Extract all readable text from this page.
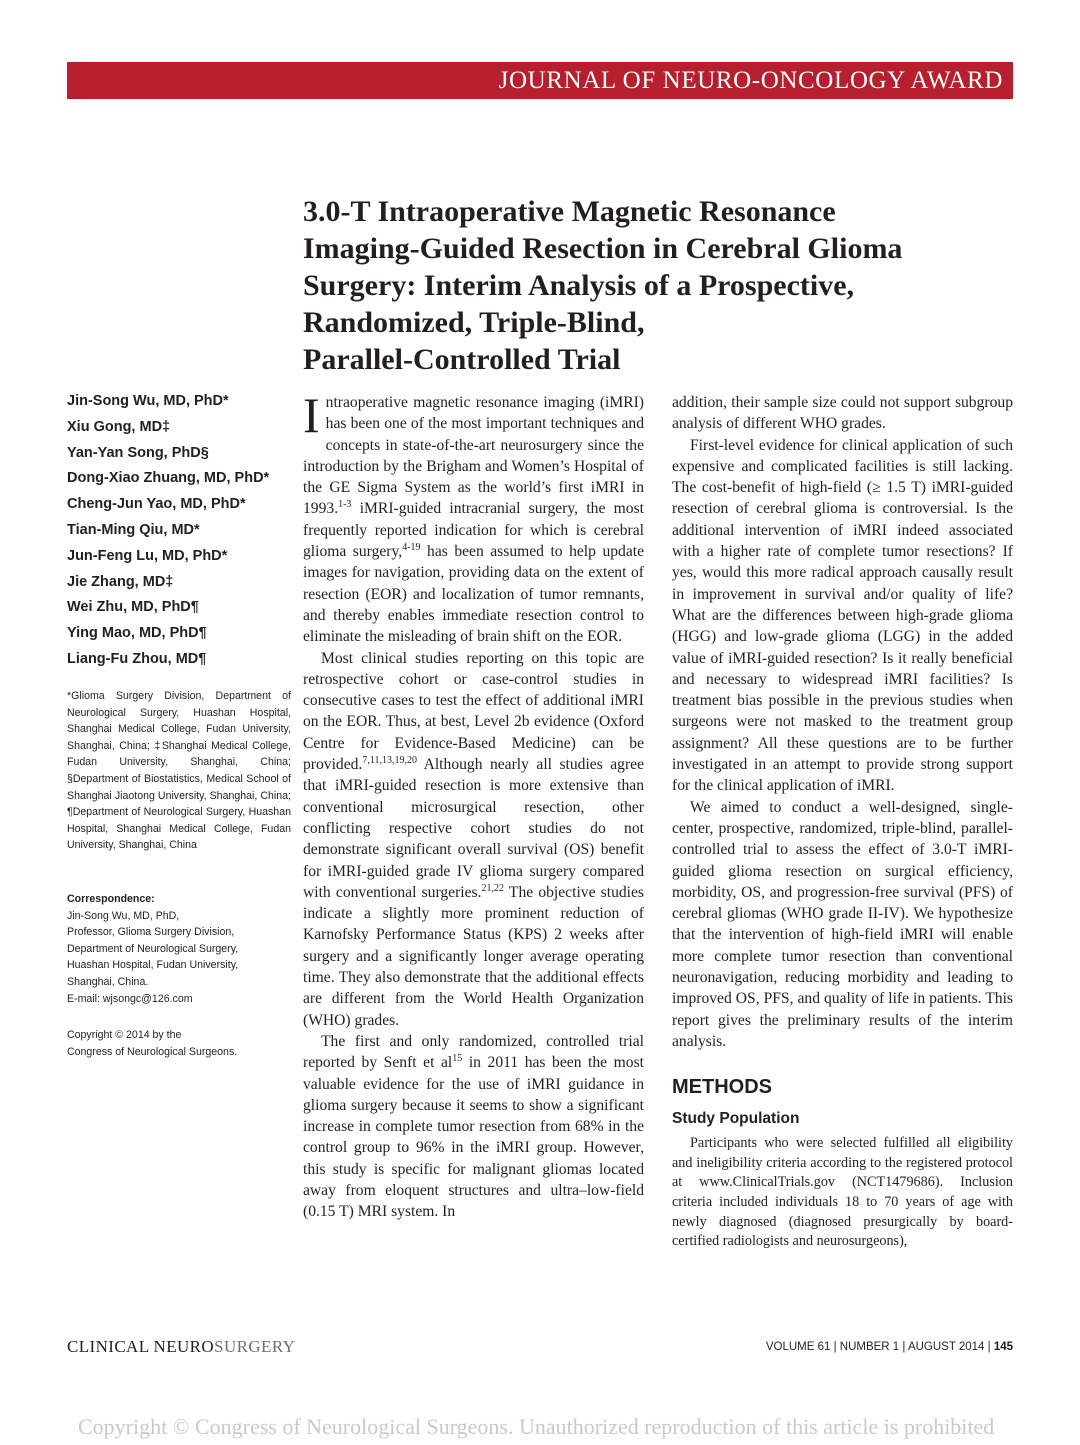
JOURNAL OF NEURO-ONCOLOGY AWARD
3.0-T Intraoperative Magnetic Resonance
Imaging-Guided Resection in Cerebral Glioma
Surgery: Interim Analysis of a Prospective,
Randomized, Triple-Blind,
Parallel-Controlled Trial
Jin-Song Wu, MD, PhD*
Xiu Gong, MD‡
Yan-Yan Song, PhD§
Dong-Xiao Zhuang, MD, PhD*
Cheng-Jun Yao, MD, PhD*
Tian-Ming Qiu, MD*
Jun-Feng Lu, MD, PhD*
Jie Zhang, MD‡
Wei Zhu, MD, PhD¶
Ying Mao, MD, PhD¶
Liang-Fu Zhou, MD¶
*Glioma Surgery Division, Department of Neurological Surgery, Huashan Hospital, Shanghai Medical College, Fudan University, Shanghai, China; ‡Shanghai Medical College, Fudan University, Shanghai, China; §Department of Biostatistics, Medical School of Shanghai Jiaotong University, Shanghai, China; ¶Department of Neurological Surgery, Huashan Hospital, Shanghai Medical College, Fudan University, Shanghai, China
Correspondence:
Jin-Song Wu, MD, PhD,
Professor, Glioma Surgery Division,
Department of Neurological Surgery,
Huashan Hospital, Fudan University,
Shanghai, China.
E-mail: wjsongc@126.com
Copyright © 2014 by the
Congress of Neurological Surgeons.

Intraoperative magnetic resonance imaging (iMRI) has been one of the most important techniques and concepts in state-of-the-art neurosurgery since the introduction by the Brigham and Women’s Hospital of the GE Sigma System as the world’s first iMRI in 1993.$^{1-3}$ iMRI-guided intracranial surgery, the most frequently reported indication for which is cerebral glioma surgery,$^{4-19}$ has been assumed to help update images for navigation, providing data on the extent of resection (EOR) and localization of tumor remnants, and thereby enables immediate resection control to eliminate the misleading of brain shift on the EOR.

Most clinical studies reporting on this topic are retrospective cohort or case-control studies in consecutive cases to test the effect of additional iMRI on the EOR. Thus, at best, Level 2b evidence (Oxford Centre for Evidence-Based Medicine) can be provided.$^{7,11,13,19,20}$ Although nearly all studies agree that iMRI-guided resection is more extensive than conventional microsurgical resection, other conflicting respective cohort studies do not demonstrate significant overall survival (OS) benefit for iMRI-guided grade IV glioma surgery compared with conventional surgeries.$^{21,22}$ The objective studies indicate a slightly more prominent reduction of Karnofsky Performance Status (KPS) 2 weeks after surgery and a significantly longer average operating time. They also demonstrate that the additional effects are different from the World Health Organization (WHO) grades.

The first and only randomized, controlled trial reported by Senft et $al^{15}$ in 2011 has been the most valuable evidence for the use of iMRI guidance in glioma surgery because it seems to show a significant increase in complete tumor resection from 68% in the control group to 96% in the iMRI group. However, this study is specific for malignant gliomas located away from eloquent structures and ultra–low-field (0.15 T) MRI system. In

addition, their sample size could not support subgroup analysis of different WHO grades.

First-level evidence for clinical application of such expensive and complicated facilities is still lacking. The cost-benefit of high-field (≥ 1.5 T) iMRI-guided resection of cerebral glioma is controversial. Is the additional intervention of iMRI indeed associated with a higher rate of complete tumor resections? If yes, would this more radical approach causally result in improvement in survival and/or quality of life? What are the differences between high-grade glioma (HGG) and low-grade glioma (LGG) in the added value of iMRI-guided resection? Is it really beneficial and necessary to widespread iMRI facilities? Is treatment bias possible in the previous studies when surgeons were not masked to the treatment group assignment? All these questions are to be further investigated in an attempt to provide strong support for the clinical application of iMRI.

We aimed to conduct a well-designed, single-center, prospective, randomized, triple-blind, parallel-controlled trial to assess the effect of 3.0-T iMRI-guided glioma resection on surgical efficiency, morbidity, OS, and progression-free survival (PFS) of cerebral gliomas (WHO grade II-IV). We hypothesize that the intervention of high-field iMRI will enable more complete tumor resection than conventional neuronavigation, reducing morbidity and leading to improved OS, PFS, and quality of life in patients. This report gives the preliminary results of the interim analysis.

METHODS
Study Population

Participants who were selected fulfilled all eligibility and ineligibility criteria according to the registered protocol at www.ClinicalTrials.gov (NCT1479686). Inclusion criteria included individuals 18 to 70 years of age with newly diagnosed (diagnosed presurgically by board-certified radiologists and neurosurgeons),

CLINICAL NEUROSURGERY	VOLUME 61 | NUMBER 1 | AUGUST 2014 | 145
Copyright © Congress of Neurological Surgeons. Unauthorized reproduction of this article is prohibited
